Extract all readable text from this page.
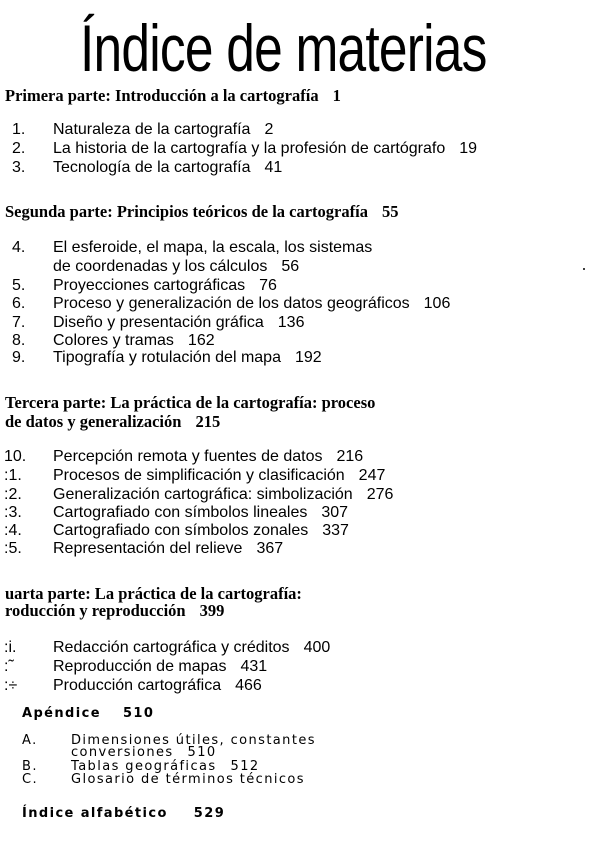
Índice de materias
Primera parte: Introducción a la cartografía 1
1.	Naturaleza de la cartografía 2
2.	La historia de la cartografía y la profesión de cartógrafo 19
3.	Tecnología de la cartografía 41
Segunda parte: Principios teóricos de la cartografía 55
4.	El esferoide, el mapa, la escala, los sistemas
de coordenadas y los cálculos 56
5.	Proyecciones cartográficas 76
6.	Proceso y generalización de los datos geográficos 106
7.	Diseño y presentación gráfica 136
8.	Colores y tramas 162
9.	Tipografía y rotulación del mapa 192
Tercera parte: La práctica de la cartografía: proceso
de datos y generalización 215
10.	Percepción remota y fuentes de datos 216
:1.	Procesos de simplificación y clasificación 247
:2.	Generalización cartográfica: simbolización 276
:3.	Cartografiado con símbolos lineales 307
:4.	Cartografiado con símbolos zonales 337
:5.	Representación del relieve 367
uarta parte: La práctica de la cartografía:
roducción y reproducción 399
:i.	Redacción cartográfica y créditos 400
:˜	Reproducción de mapas 431
:÷	Producción cartográfica 466
Apéndice 510
A.	Dimensiones útiles, constantes
conversiones 510
B.	Tablas geográficas 512
C.	Glosario de términos técnicos
Índice alfabético 529
